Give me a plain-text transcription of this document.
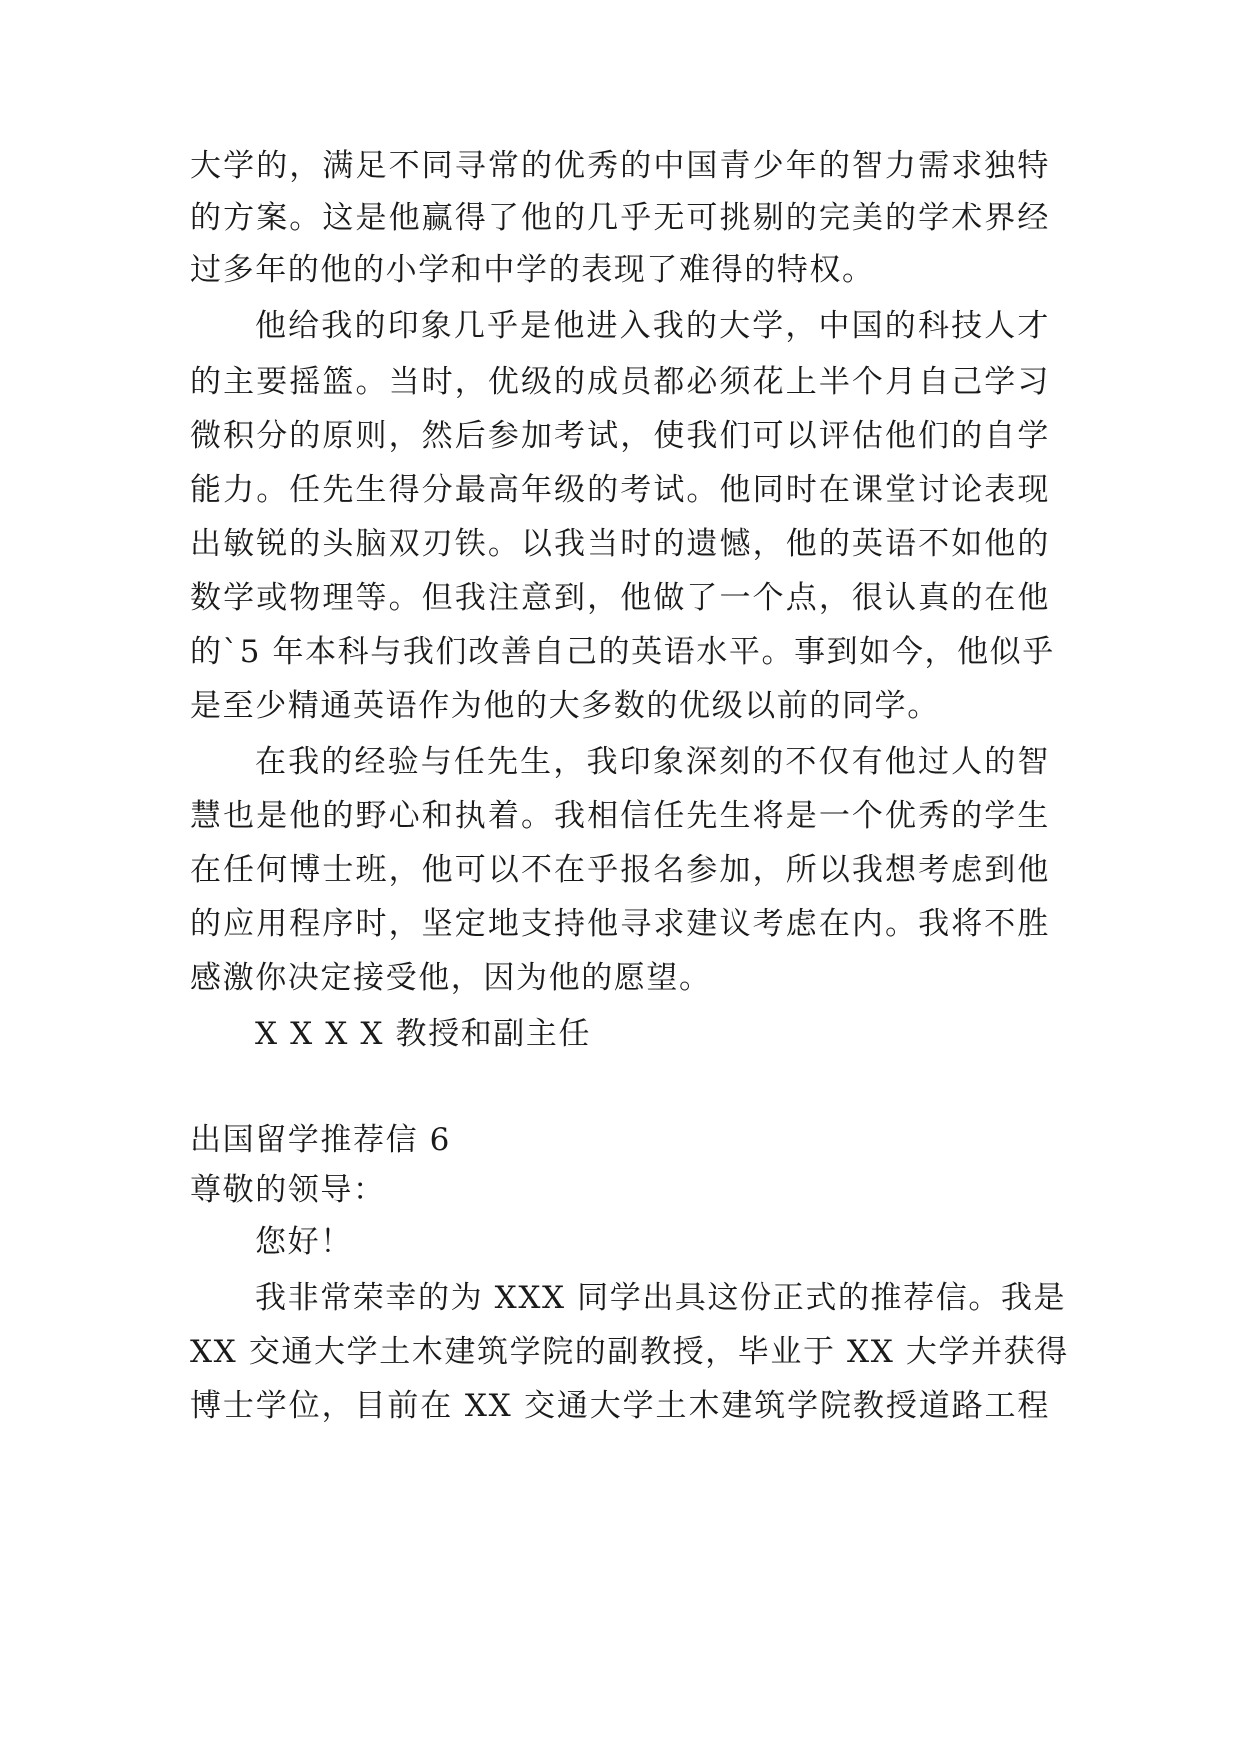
大学的，满足不同寻常的优秀的中国青少年的智力需求独特
的方案。这是他赢得了他的几乎无可挑剔的完美的学术界经
过多年的他的小学和中学的表现了难得的特权。
他给我的印象几乎是他进入我的大学，中国的科技人才
的主要摇篮。当时，优级的成员都必须花上半个月自己学习
微积分的原则，然后参加考试，使我们可以评估他们的自学
能力。任先生得分最高年级的考试。他同时在课堂讨论表现
出敏锐的头脑双刃铁。以我当时的遗憾，他的英语不如他的
数学或物理等。但我注意到，他做了一个点，很认真的在他
的`5 年本科与我们改善自己的英语水平。事到如今，他似乎
是至少精通英语作为他的大多数的优级以前的同学。
在我的经验与任先生，我印象深刻的不仅有他过人的智
慧也是他的野心和执着。我相信任先生将是一个优秀的学生
在任何博士班，他可以不在乎报名参加，所以我想考虑到他
的应用程序时，坚定地支持他寻求建议考虑在内。我将不胜
感激你决定接受他，因为他的愿望。
X X X X 教授和副主任
出国留学推荐信 6
尊敬的领导：
您好！
我非常荣幸的为 XXX 同学出具这份正式的推荐信。我是
XX 交通大学土木建筑学院的副教授，毕业于 XX 大学并获得
博士学位，目前在 XX 交通大学土木建筑学院教授道路工程
